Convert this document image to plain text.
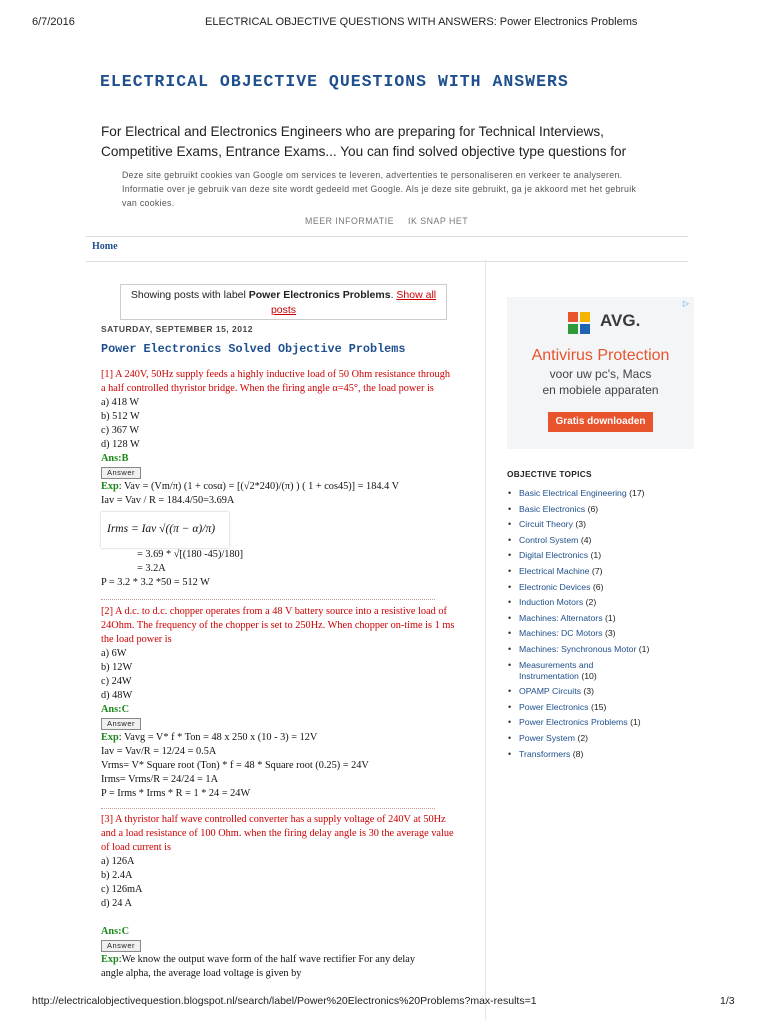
6/7/2016	ELECTRICAL OBJECTIVE QUESTIONS WITH ANSWERS: Power Electronics Problems
ELECTRICAL OBJECTIVE QUESTIONS WITH ANSWERS
For Electrical and Electronics Engineers who are preparing for Technical Interviews, Competitive Exams, Entrance Exams... You can find solved objective type questions for
Deze site gebruikt cookies van Google om services te leveren, advertenties te personaliseren en verkeer te analyseren. Informatie over je gebruik van deze site wordt gedeeld met Google. Als je deze site gebruikt, ga je akkoord met het gebruik van cookies.
MEER INFORMATIE IK SNAP HET
Home
Showing posts with label Power Electronics Problems. Show all
posts
SATURDAY, SEPTEMBER 15, 2012
Power Electronics Solved Objective Problems
[1] A 240V, 50Hz supply feeds a highly inductive load of 50 Ohm resistance through
a half controlled thyristor bridge. When the firing angle α=45°, the load power is
a) 418 W
b) 512 W
c) 367 W
d) 128 W
Ans:B
Answer
Exp: Vav = (Vm/π) (1 + cosα) = [(√2*240)/(π) ) ( 1 + cos45)] = 184.4 V
Iav = Vav / R = 184.4/50=3.69A
Irms = Iav √((π − α)/π)
= 3.69 * √[(180 -45)/180]
= 3.2A
P = 3.2 * 3.2 *50 = 512 W
[2] A d.c. to d.c. chopper operates from a 48 V battery source into a resistive load of
24Ohm. The frequency of the chopper is set to 250Hz. When chopper on-time is 1 ms
the load power is
a) 6W
b) 12W
c) 24W
d) 48W
Ans:C
Answer
Exp: Vavg = V* f * Ton = 48 x 250 x (10 - 3) = 12V
Iav = Vav/R = 12/24 = 0.5A
Vrms= V* Square root (Ton) * f = 48 * Square root (0.25) = 24V
Irms= Vrms/R = 24/24 = 1A
P = Irms * Irms * R = 1 * 24 = 24W
[3] A thyristor half wave controlled converter has a supply voltage of 240V at 50Hz
and a load resistance of 100 Ohm. when the firing delay angle is 30 the average value
of load current is
a) 126A
b) 2.4A
c) 126mA
d) 24 A
Ans:C
Answer
Exp:We know the output wave form of the half wave rectifier For any delay
angle alpha, the average load voltage is given by
▷
AVG.
Antivirus Protection
voor uw pc's, Macs
en mobiele apparaten
Gratis downloaden
OBJECTIVE TOPICS
• Basic Electrical Engineering (17)
• Basic Electronics (6)
• Circuit Theory (3)
• Control System (4)
• Digital Electronics (1)
• Electrical Machine (7)
• Electronic Devices (6)
• Induction Motors (2)
• Machines: Alternators (1)
• Machines: DC Motors (3)
• Machines: Synchronous Motor (1)
• Measurements and Instrumentation (10)
• OPAMP Circuits (3)
• Power Electronics (15)
• Power Electronics Problems (1)
• Power System (2)
• Transformers (8)
http://electricalobjectivequestion.blogspot.nl/search/label/Power%20Electronics%20Problems?max-results=1	1/3
